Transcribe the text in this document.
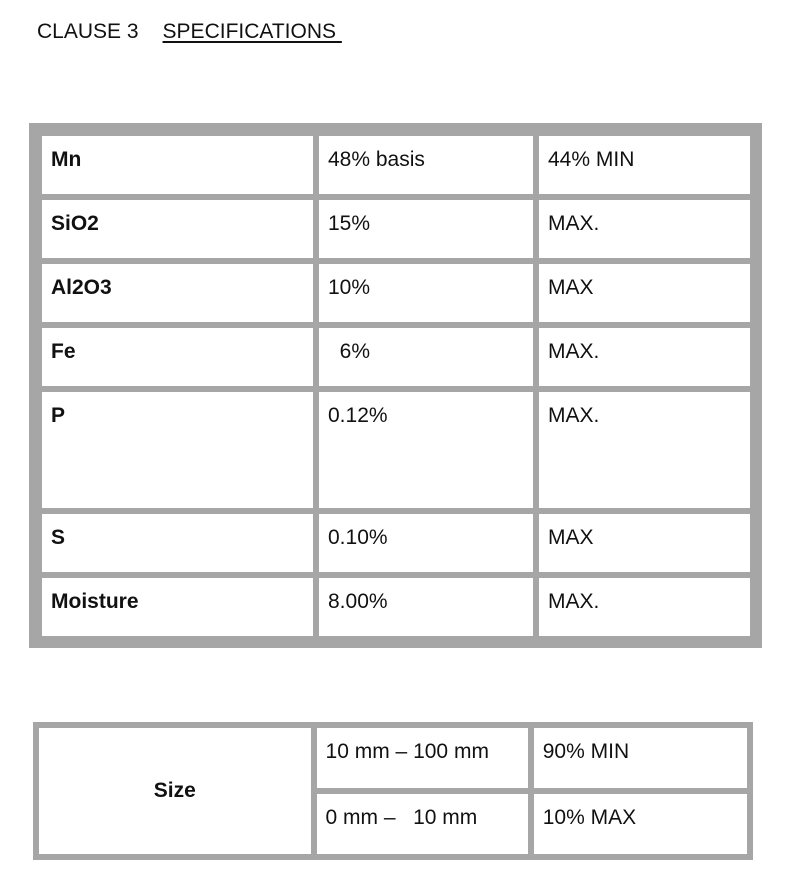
CLAUSE 3 SPECIFICATIONS
Mn	48% basis	44% MIN
SiO2	15%	MAX.
Al2O3	10%	MAX
Fe	6%	MAX.
P	0.12%	MAX.
S	0.10%	MAX
Moisture	8.00%	MAX.
Size	10 mm – 100 mm	90% MIN
	0 mm –   10 mm	10% MAX
